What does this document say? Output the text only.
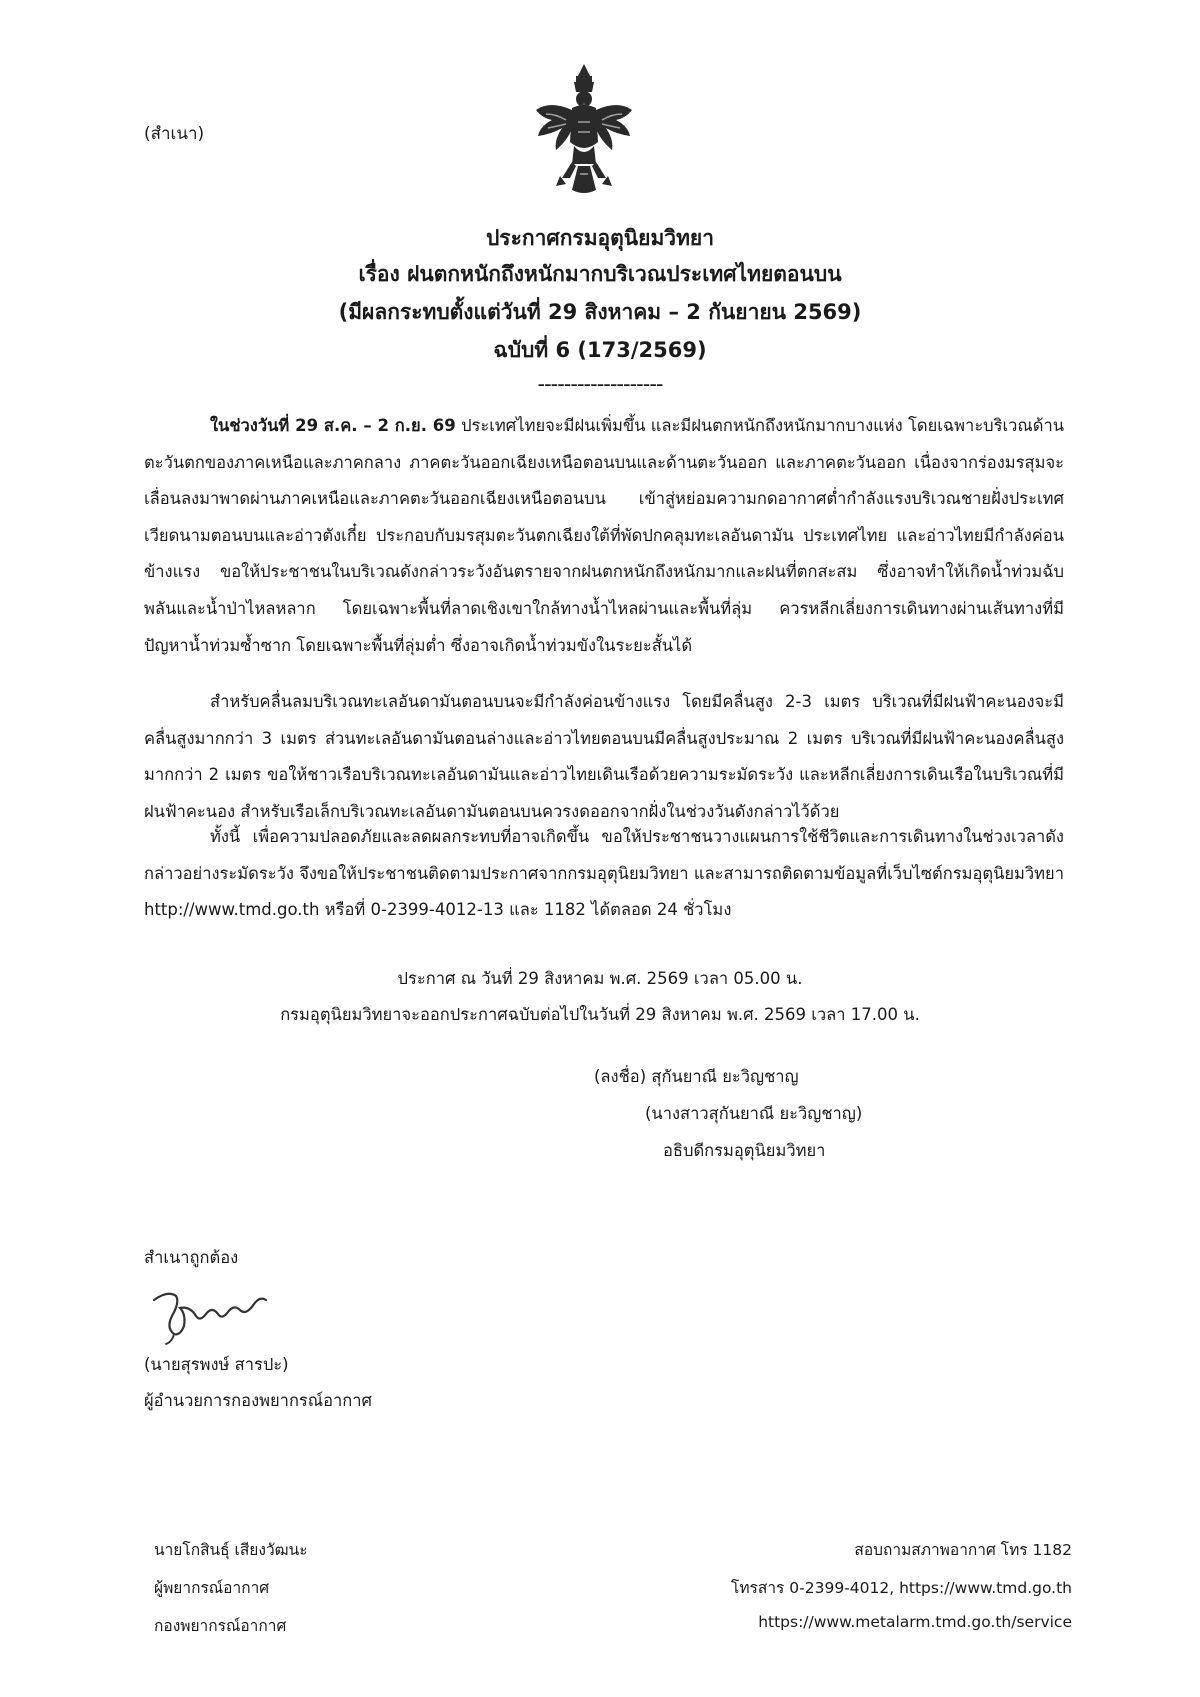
(สำเนา)
ประกาศกรมอุตุนิยมวิทยา
เรื่อง ฝนตกหนักถึงหนักมากบริเวณประเทศไทยตอนบน
(มีผลกระทบตั้งแต่วันที่ 29 สิงหาคม – 2 กันยายน 2569)
ฉบับที่ 6 (173/2569)
-------------------
ในช่วงวันที่ 29 ส.ค. – 2 ก.ย. 69 ประเทศไทยจะมีฝนเพิ่มขึ้น และมีฝนตกหนักถึงหนักมากบางแห่ง โดยเฉพาะบริเวณด้านตะวันตกของภาคเหนือและภาคกลาง ภาคตะวันออกเฉียงเหนือตอนบนและด้านตะวันออก และภาคตะวันออก เนื่องจากร่องมรสุมจะเลื่อนลงมาพาดผ่านภาคเหนือและภาคตะวันออกเฉียงเหนือตอนบน เข้าสู่หย่อมความกดอากาศต่ำกำลังแรงบริเวณชายฝั่งประเทศเวียดนามตอนบนและอ่าวตังเกี๋ย ประกอบกับมรสุมตะวันตกเฉียงใต้ที่พัดปกคลุมทะเลอันดามัน ประเทศไทย และอ่าวไทยมีกำลังค่อนข้างแรง ขอให้ประชาชนในบริเวณดังกล่าวระวังอันตรายจากฝนตกหนักถึงหนักมากและฝนที่ตกสะสม ซึ่งอาจทำให้เกิดน้ำท่วมฉับพลันและน้ำป่าไหลหลาก โดยเฉพาะพื้นที่ลาดเชิงเขาใกล้ทางน้ำไหลผ่านและพื้นที่ลุ่ม ควรหลีกเลี่ยงการเดินทางผ่านเส้นทางที่มีปัญหาน้ำท่วมซ้ำซาก โดยเฉพาะพื้นที่ลุ่มต่ำ ซึ่งอาจเกิดน้ำท่วมขังในระยะสั้นได้
สำหรับคลื่นลมบริเวณทะเลอันดามันตอนบนจะมีกำลังค่อนข้างแรง โดยมีคลื่นสูง 2-3 เมตร บริเวณที่มีฝนฟ้าคะนองจะมีคลื่นสูงมากกว่า 3 เมตร ส่วนทะเลอันดามันตอนล่างและอ่าวไทยตอนบนมีคลื่นสูงประมาณ 2 เมตร บริเวณที่มีฝนฟ้าคะนองคลื่นสูงมากกว่า 2 เมตร ขอให้ชาวเรือบริเวณทะเลอันดามันและอ่าวไทยเดินเรือด้วยความระมัดระวัง และหลีกเลี่ยงการเดินเรือในบริเวณที่มีฝนฟ้าคะนอง สำหรับเรือเล็กบริเวณทะเลอันดามันตอนบนควรงดออกจากฝั่งในช่วงวันดังกล่าวไว้ด้วย
ทั้งนี้ เพื่อความปลอดภัยและลดผลกระทบที่อาจเกิดขึ้น ขอให้ประชาชนวางแผนการใช้ชีวิตและการเดินทางในช่วงเวลาดังกล่าวอย่างระมัดระวัง จึงขอให้ประชาชนติดตามประกาศจากกรมอุตุนิยมวิทยา และสามารถติดตามข้อมูลที่เว็บไซต์กรมอุตุนิยมวิทยา http://www.tmd.go.th หรือที่ 0-2399-4012-13 และ 1182 ได้ตลอด 24 ชั่วโมง
ประกาศ ณ วันที่ 29 สิงหาคม พ.ศ. 2569 เวลา 05.00 น.
กรมอุตุนิยมวิทยาจะออกประกาศฉบับต่อไปในวันที่ 29 สิงหาคม พ.ศ. 2569 เวลา 17.00 น.
(ลงชื่อ) สุกันยาณี ยะวิญชาญ
(นางสาวสุกันยาณี ยะวิญชาญ)
อธิบดีกรมอุตุนิยมวิทยา
สำเนาถูกต้อง
(นายสุรพงษ์ สารปะ)
ผู้อำนวยการกองพยากรณ์อากาศ
นายโกสินธุ์ เสียงวัฒนะ
ผู้พยากรณ์อากาศ
กองพยากรณ์อากาศ
สอบถามสภาพอากาศ โทร 1182
โทรสาร 0-2399-4012, https://www.tmd.go.th
https://www.metalarm.tmd.go.th/service
